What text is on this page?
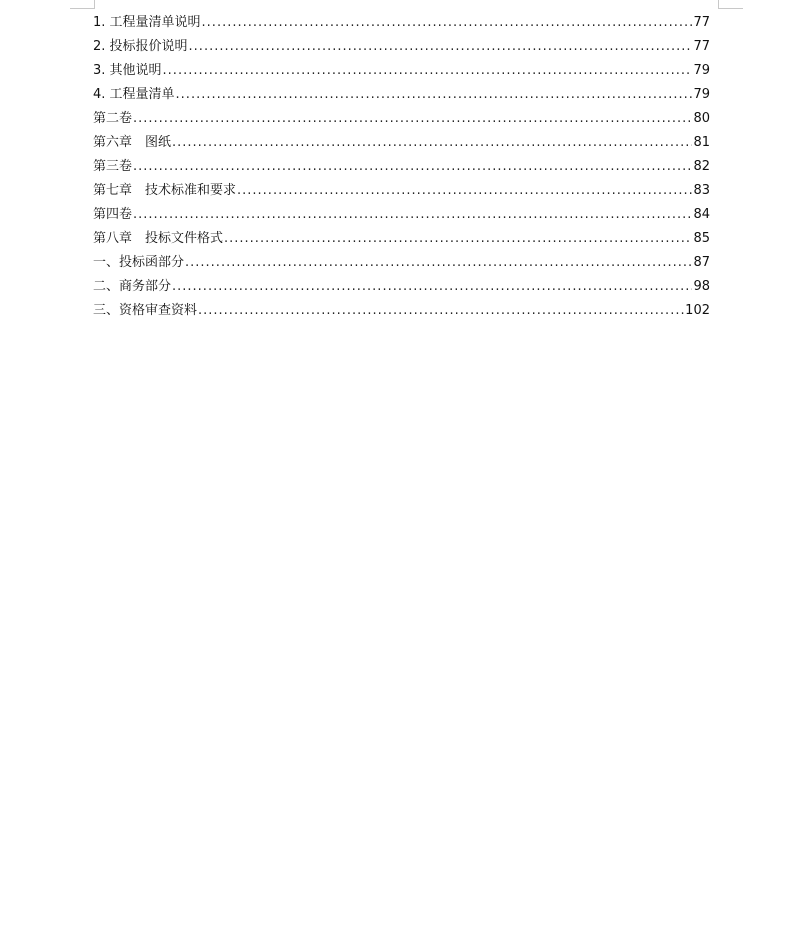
1. 工程量清单说明 .....	77
2. 投标报价说明 .....	77
3. 其他说明 .....	79
4. 工程量清单 .....	79
第二卷 .....	80
第六章　图纸 .....	81
第三卷 .....	82
第七章　技术标准和要求 .....	83
第四卷 .....	84
第八章　投标文件格式 .....	85
一、投标函部分 .....	87
二、商务部分 .....	98
三、资格审查资料 .....	102
